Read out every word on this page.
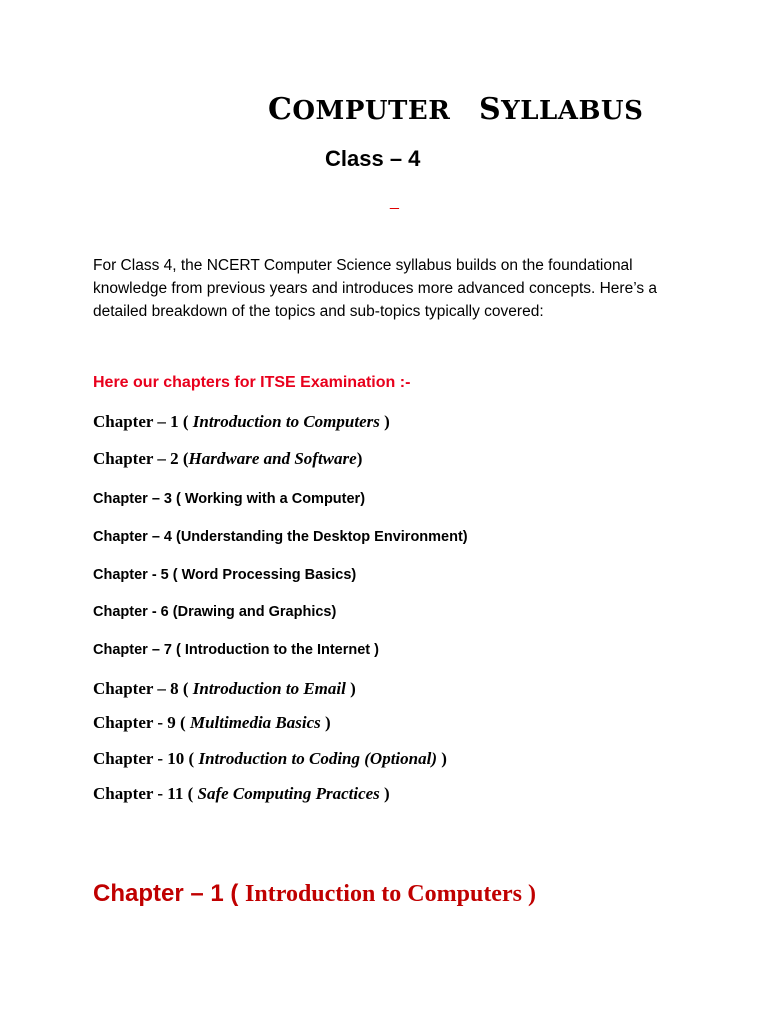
COMPUTER SYLLABUS
Class – 4
_

For Class 4, the NCERT Computer Science syllabus builds on the foundational knowledge from previous years and introduces more advanced concepts. Here’s a detailed breakdown of the topics and sub-topics typically covered:

Here our chapters for ITSE Examination :-
Chapter – 1 ( Introduction to Computers )
Chapter – 2 (Hardware and Software)
Chapter – 3 ( Working with a Computer)
Chapter – 4 (Understanding the Desktop Environment)
Chapter - 5 ( Word Processing Basics)
Chapter - 6 (Drawing and Graphics)
Chapter – 7 ( Introduction to the Internet )
Chapter – 8 ( Introduction to Email )
Chapter - 9 ( Multimedia Basics )
Chapter - 10 ( Introduction to Coding (Optional) )
Chapter - 11 ( Safe Computing Practices )
Chapter – 1 ( Introduction to Computers )
